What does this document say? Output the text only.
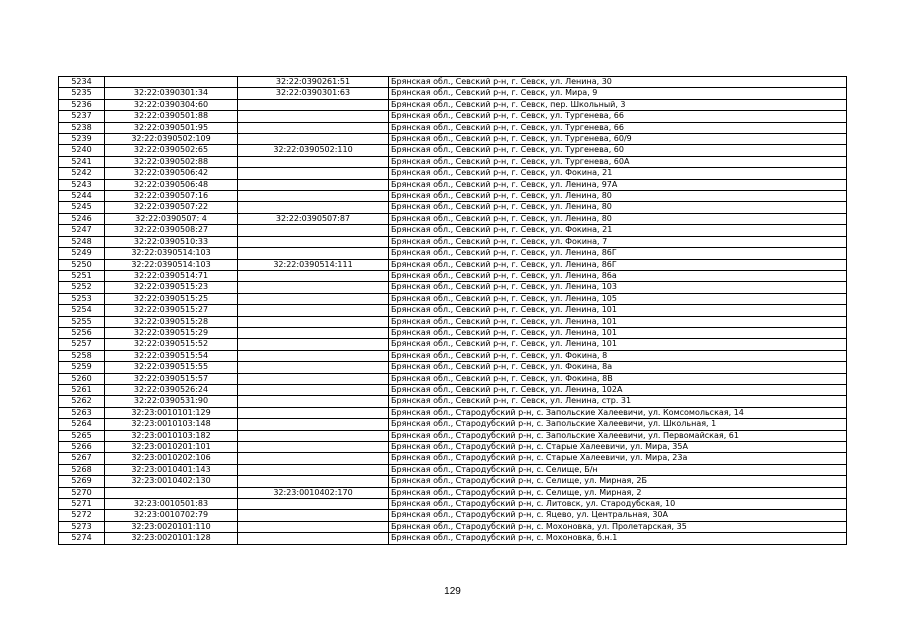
5234		32:22:0390261:51	Брянская обл., Севский р-н, г. Севск, ул. Ленина, 30
5235	32:22:0390301:34	32:22:0390301:63	Брянская обл., Севский р-н, г. Севск, ул. Мира, 9
5236	32:22:0390304:60		Брянская обл., Севский р-н, г. Севск, пер. Школьный, 3
5237	32:22:0390501:88		Брянская обл., Севский р-н, г. Севск, ул. Тургенева, 66
5238	32:22:0390501:95		Брянская обл., Севский р-н, г. Севск, ул. Тургенева, 66
5239	32:22:0390502:109		Брянская обл., Севский р-н, г. Севск, ул. Тургенева, 60/9
5240	32:22:0390502:65	32:22:0390502:110	Брянская обл., Севский р-н, г. Севск, ул. Тургенева, 60
5241	32:22:0390502:88		Брянская обл., Севский р-н, г. Севск, ул. Тургенева, 60А
5242	32:22:0390506:42		Брянская обл., Севский р-н, г. Севск, ул. Фокина, 21
5243	32:22:0390506:48		Брянская обл., Севский р-н, г. Севск, ул. Ленина, 97А
5244	32:22:0390507:16		Брянская обл., Севский р-н, г. Севск, ул. Ленина, 80
5245	32:22:0390507:22		Брянская обл., Севский р-н, г. Севск, ул. Ленина, 80
5246	32:22:0390507: 4	32:22:0390507:87	Брянская обл., Севский р-н, г. Севск, ул. Ленина, 80
5247	32:22:0390508:27		Брянская обл., Севский р-н, г. Севск, ул. Фокина, 21
5248	32:22:0390510:33		Брянская обл., Севский р-н, г. Севск, ул. Фокина, 7
5249	32:22:0390514:103		Брянская обл., Севский р-н, г. Севск, ул. Ленина, 86Г
5250	32:22:0390514:103	32:22:0390514:111	Брянская обл., Севский р-н, г. Севск, ул. Ленина, 86Г
5251	32:22:0390514:71		Брянская обл., Севский р-н, г. Севск, ул. Ленина, 86а
5252	32:22:0390515:23		Брянская обл., Севский р-н, г. Севск, ул. Ленина, 103
5253	32:22:0390515:25		Брянская обл., Севский р-н, г. Севск, ул. Ленина, 105
5254	32:22:0390515:27		Брянская обл., Севский р-н, г. Севск, ул. Ленина, 101
5255	32:22:0390515:28		Брянская обл., Севский р-н, г. Севск, ул. Ленина, 101
5256	32:22:0390515:29		Брянская обл., Севский р-н, г. Севск, ул. Ленина, 101
5257	32:22:0390515:52		Брянская обл., Севский р-н, г. Севск, ул. Ленина, 101
5258	32:22:0390515:54		Брянская обл., Севский р-н, г. Севск, ул. Фокина, 8
5259	32:22:0390515:55		Брянская обл., Севский р-н, г. Севск, ул. Фокина, 8а
5260	32:22:0390515:57		Брянская обл., Севский р-н, г. Севск, ул. Фокина, 8В
5261	32:22:0390526:24		Брянская обл., Севский р-н, г. Севск, ул. Ленина, 102А
5262	32:22:0390531:90		Брянская обл., Севский р-н, г. Севск, ул. Ленина, стр. 31
5263	32:23:0010101:129		Брянская обл., Стародубский р-н, с. Запольские Халеевичи, ул. Комсомольская, 14
5264	32:23:0010103:148		Брянская обл., Стародубский р-н, с. Запольские Халеевичи, ул. Школьная, 1
5265	32:23:0010103:182		Брянская обл., Стародубский р-н, с. Запольские Халеевичи, ул. Первомайская, 61
5266	32:23:0010201:101		Брянская обл., Стародубский р-н, с. Старые Халеевичи, ул. Мира, 35А
5267	32:23:0010202:106		Брянская обл., Стародубский р-н, с. Старые Халеевичи, ул. Мира, 23а
5268	32:23:0010401:143		Брянская обл., Стародубский р-н, с. Селище, Б/н
5269	32:23:0010402:130		Брянская обл., Стародубский р-н, с. Селище, ул. Мирная, 2Б
5270		32:23:0010402:170	Брянская обл., Стародубский р-н, с. Селище, ул. Мирная, 2
5271	32:23:0010501:83		Брянская обл., Стародубский р-н, с. Литовск, ул. Стародубская, 10
5272	32:23:0010702:79		Брянская обл., Стародубский р-н, с. Яцево, ул. Центральная, 30А
5273	32:23:0020101:110		Брянская обл., Стародубский р-н, с. Мохоновка, ул. Пролетарская, 35
5274	32:23:0020101:128		Брянская обл., Стародубский р-н, с. Мохоновка, б.н.1
129
